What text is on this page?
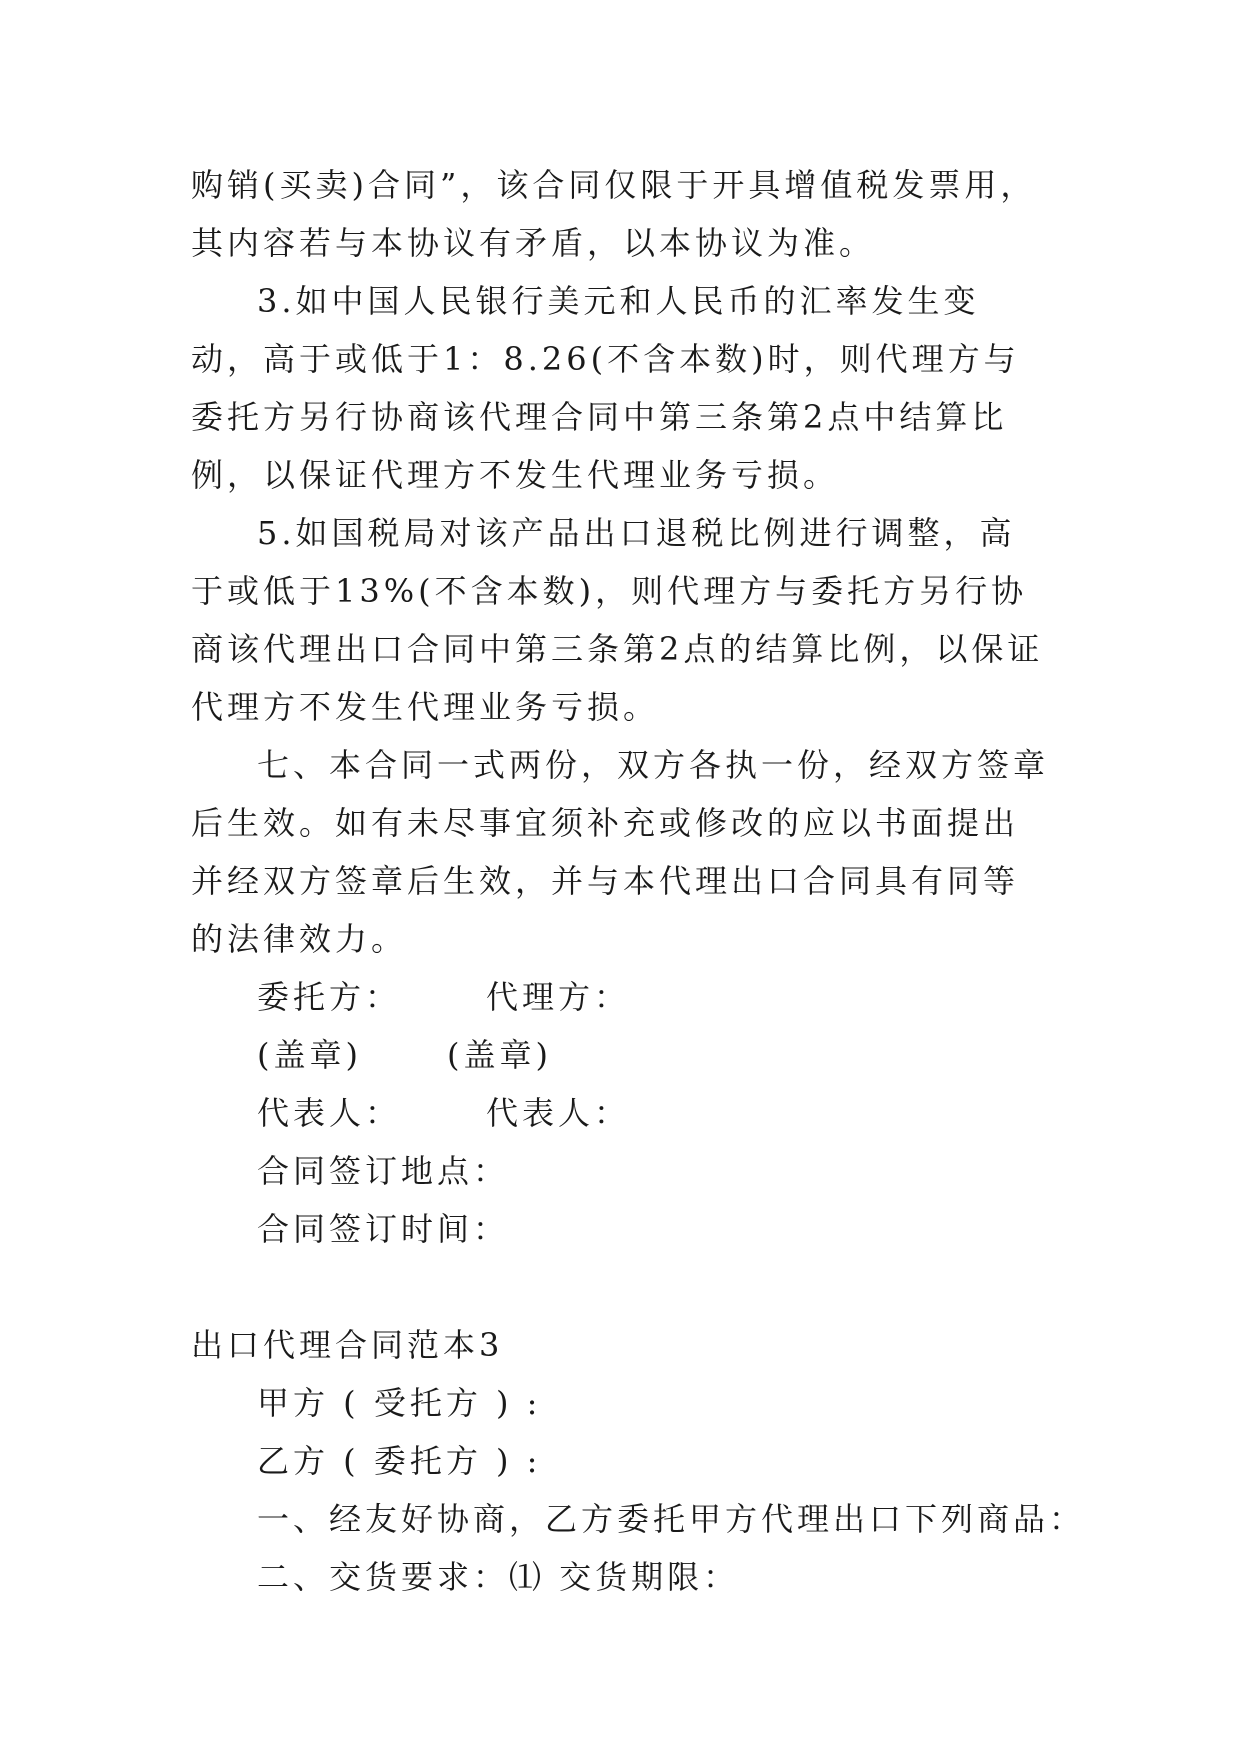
购销(买卖)合同”，该合同仅限于开具增值税发票用，其内容若与本协议有矛盾，以本协议为准。

3.如中国人民银行美元和人民币的汇率发生变动，高于或低于1：8.26(不含本数)时，则代理方与委托方另行协商该代理合同中第三条第2点中结算比例，以保证代理方不发生代理业务亏损。

5.如国税局对该产品出口退税比例进行调整，高于或低于13%(不含本数)，则代理方与委托方另行协商该代理出口合同中第三条第2点的结算比例，以保证代理方不发生代理业务亏损。

七、本合同一式两份，双方各执一份，经双方签章后生效。如有未尽事宜须补充或修改的应以书面提出并经双方签章后生效，并与本代理出口合同具有同等的法律效力。

委托方：      代理方：

(盖章)      (盖章)

代表人：      代表人：

合同签订地点：

合同签订时间：

出口代理合同范本3

甲方 ( 受托方 ) :

乙方 ( 委托方 ) :

一、经友好协商，乙方委托甲方代理出口下列商品：

二、交货要求：⑴ 交货期限：
